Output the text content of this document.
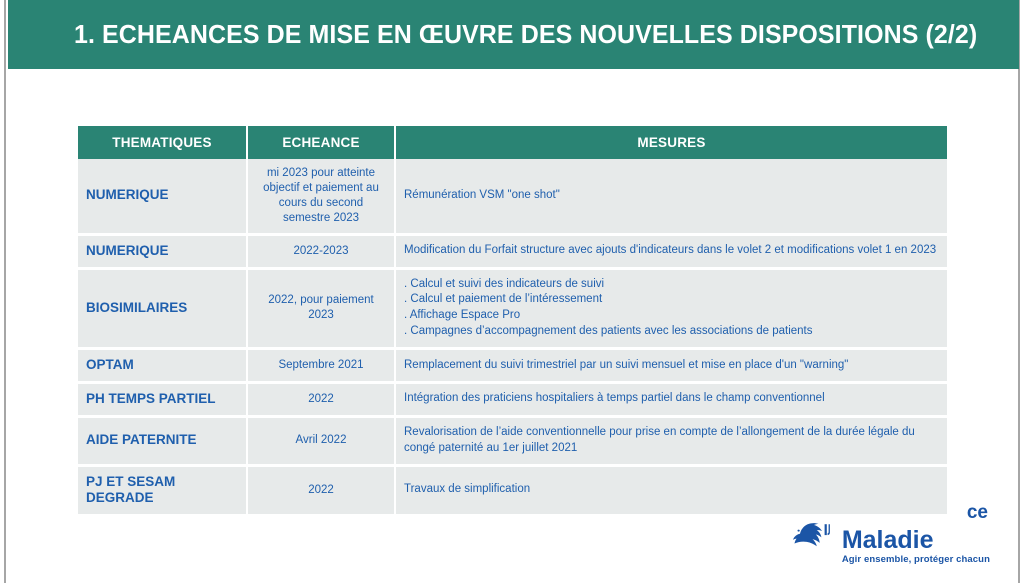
1. ECHEANCES DE MISE EN ŒUVRE DES NOUVELLES DISPOSITIONS (2/2)
ce
Maladie
Agir ensemble, protéger chacun
THEMATIQUES	ECHEANCE	MESURES
NUMERIQUE	mi 2023 pour atteinte objectif et paiement au cours du second semestre 2023	Rémunération VSM "one shot"

NUMERIQUE	2022-2023	Modification du Forfait structure avec ajouts d'indicateurs dans le volet 2 et modifications volet 1 en 2023

BIOSIMILAIRES	2022, pour paiement 2023	. Calcul et suivi des indicateurs de suivi
. Calcul et paiement de l’intéressement
. Affichage Espace Pro
. Campagnes d’accompagnement des patients avec les associations de patients

OPTAM	Septembre 2021	Remplacement du suivi trimestriel par un suivi mensuel et mise en place d'un "warning"

PH TEMPS PARTIEL	2022	Intégration des praticiens hospitaliers à temps partiel dans le champ conventionnel

AIDE PATERNITE	Avril 2022	Revalorisation de l’aide conventionnelle pour prise en compte de l’allongement de la durée légale du congé paternité au 1er juillet 2021

PJ ET SESAM DEGRADE	2022	Travaux de simplification
